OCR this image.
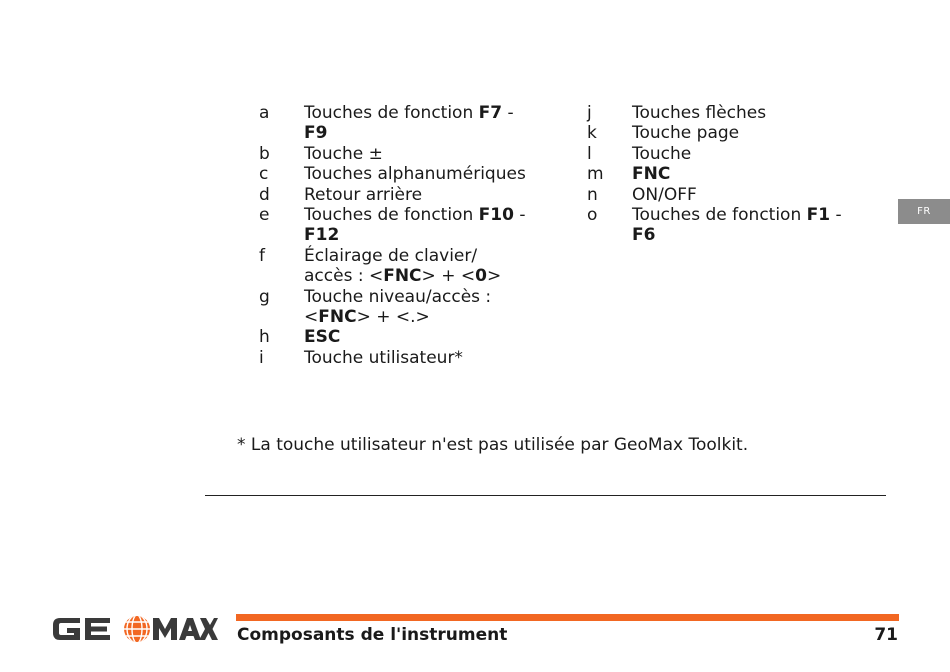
a	Touches de fonction F7 -
F9
b	Touche ±
c	Touches alphanumériques
d	Retour arrière
e	Touches de fonction F10 -
F12
f	Éclairage de clavier/
accès : <FNC> + <0>
g	Touche niveau/accès :
<FNC> + <.>
h	ESC
i	Touche utilisateur*
j	Touches flèches
k	Touche page
l	Touche
m	FNC
n	ON/OFF
o	Touches de fonction F1 -
F6
* La touche utilisateur n'est pas utilisée par GeoMax Toolkit.
FR
Composants de l'instrument	71
